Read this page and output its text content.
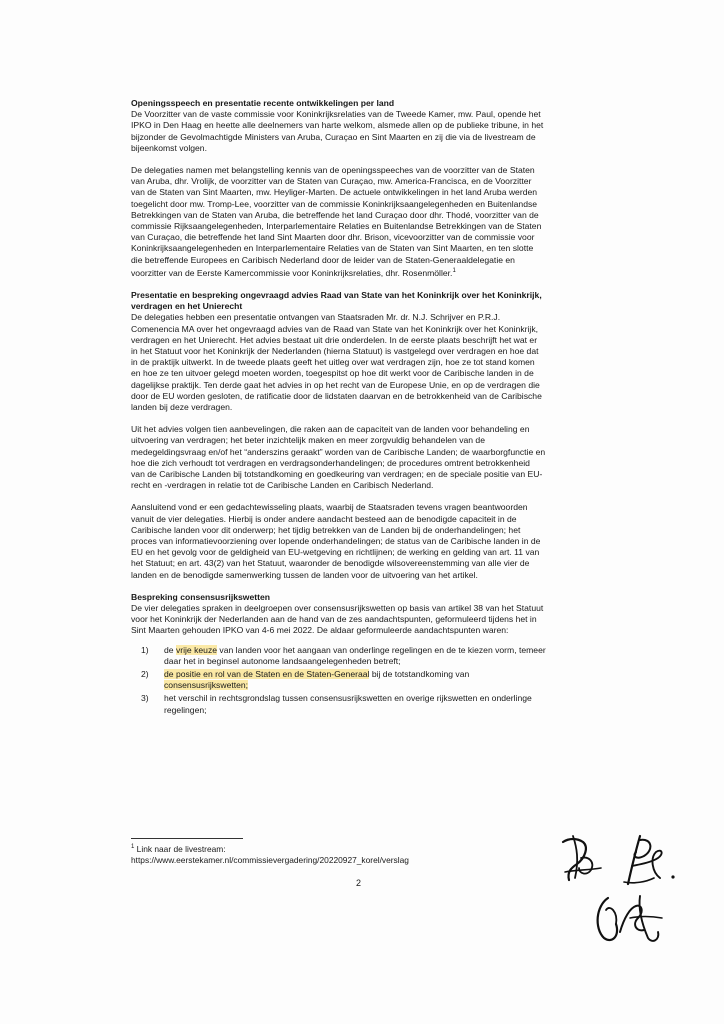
Openingsspeech en presentatie recente ontwikkelingen per land

De Voorzitter van de vaste commissie voor Koninkrijksrelaties van de Tweede Kamer, mw. Paul, opende het IPKO in Den Haag en heette alle deelnemers van harte welkom, alsmede allen op de publieke tribune, in het bijzonder de Gevolmachtigde Ministers van Aruba, Curaçao en Sint Maarten en zij die via de livestream de bijeenkomst volgen.

De delegaties namen met belangstelling kennis van de openingsspeeches van de voorzitter van de Staten van Aruba, dhr. Vrolijk, de voorzitter van de Staten van Curaçao, mw. America-Francisca, en de Voorzitter van de Staten van Sint Maarten, mw. Heyliger-Marten. De actuele ontwikkelingen in het land Aruba werden toegelicht door mw. Tromp-Lee, voorzitter van de commissie Koninkrijksaangelegenheden en Buitenlandse Betrekkingen van de Staten van Aruba, die betreffende het land Curaçao door dhr. Thodé, voorzitter van de commissie Rijksaangelegenheden, Interparlementaire Relaties en Buitenlandse Betrekkingen van de Staten van Curaçao, die betreffende het land Sint Maarten door dhr. Brison, vicevoorzitter van de commissie voor Koninkrijksaangelegenheden en Interparlementaire Relaties van de Staten van Sint Maarten, en ten slotte die betreffende Europees en Caribisch Nederland door de leider van de Staten-Generaaldelegatie en voorzitter van de Eerste Kamercommissie voor Koninkrijksrelaties, dhr. Rosenmöller.$^1$

Presentatie en bespreking ongevraagd advies Raad van State van het Koninkrijk over het Koninkrijk, verdragen en het Unierecht

De delegaties hebben een presentatie ontvangen van Staatsraden Mr. dr. N.J. Schrijver en P.R.J. Comenencia MA over het ongevraagd advies van de Raad van State van het Koninkrijk over het Koninkrijk, verdragen en het Unierecht. Het advies bestaat uit drie onderdelen. In de eerste plaats beschrijft het wat er in het Statuut voor het Koninkrijk der Nederlanden (hierna Statuut) is vastgelegd over verdragen en hoe dat in de praktijk uitwerkt. In de tweede plaats geeft het uitleg over wat verdragen zijn, hoe ze tot stand komen en hoe ze ten uitvoer gelegd moeten worden, toegespitst op hoe dit werkt voor de Caribische landen in de dagelijkse praktijk. Ten derde gaat het advies in op het recht van de Europese Unie, en op de verdragen die door de EU worden gesloten, de ratificatie door de lidstaten daarvan en de betrokkenheid van de Caribische landen bij deze verdragen.

Uit het advies volgen tien aanbevelingen, die raken aan de capaciteit van de landen voor behandeling en uitvoering van verdragen; het beter inzichtelijk maken en meer zorgvuldig behandelen van de medegeldingsvraag en/of het “anderszins geraakt” worden van de Caribische Landen; de waarborgfunctie en hoe die zich verhoudt tot verdragen en verdragsonderhandelingen; de procedures omtrent betrokkenheid van de Caribische Landen bij totstandkoming en goedkeuring van verdragen; en de speciale positie van EU-recht en -verdragen in relatie tot de Caribische Landen en Caribisch Nederland.

Aansluitend vond er een gedachtewisseling plaats, waarbij de Staatsraden tevens vragen beantwoorden vanuit de vier delegaties. Hierbij is onder andere aandacht besteed aan de benodigde capaciteit in de Caribische landen voor dit onderwerp; het tijdig betrekken van de Landen bij de onderhandelingen; het proces van informatievoorziening over lopende onderhandelingen; de status van de Caribische landen in de EU en het gevolg voor de geldigheid van EU-wetgeving en richtlijnen; de werking en gelding van art. 11 van het Statuut; en art. 43(2) van het Statuut, waaronder de benodigde wilsovereenstemming van alle vier de landen en de benodigde samenwerking tussen de landen voor de uitvoering van het artikel.

Bespreking consensusrijkswetten

De vier delegaties spraken in deelgroepen over consensusrijkswetten op basis van artikel 38 van het Statuut voor het Koninkrijk der Nederlanden aan de hand van de zes aandachtspunten, geformuleerd tijdens het in Sint Maarten gehouden IPKO van 4-6 mei 2022. De aldaar geformuleerde aandachtspunten waren:

1) de vrije keuze van landen voor het aangaan van onderlinge regelingen en de te kiezen vorm, temeer daar het in beginsel autonome landsaangelegenheden betreft;
2) de positie en rol van de Staten en de Staten-Generaal bij de totstandkoming van consensusrijkswetten;
3) het verschil in rechtsgrondslag tussen consensusrijkswetten en overige rijkswetten en onderlinge regelingen;
$^1$ Link naar de livestream:
https://www.eerstekamer.nl/commissievergadering/20220927_korel/verslag
2
